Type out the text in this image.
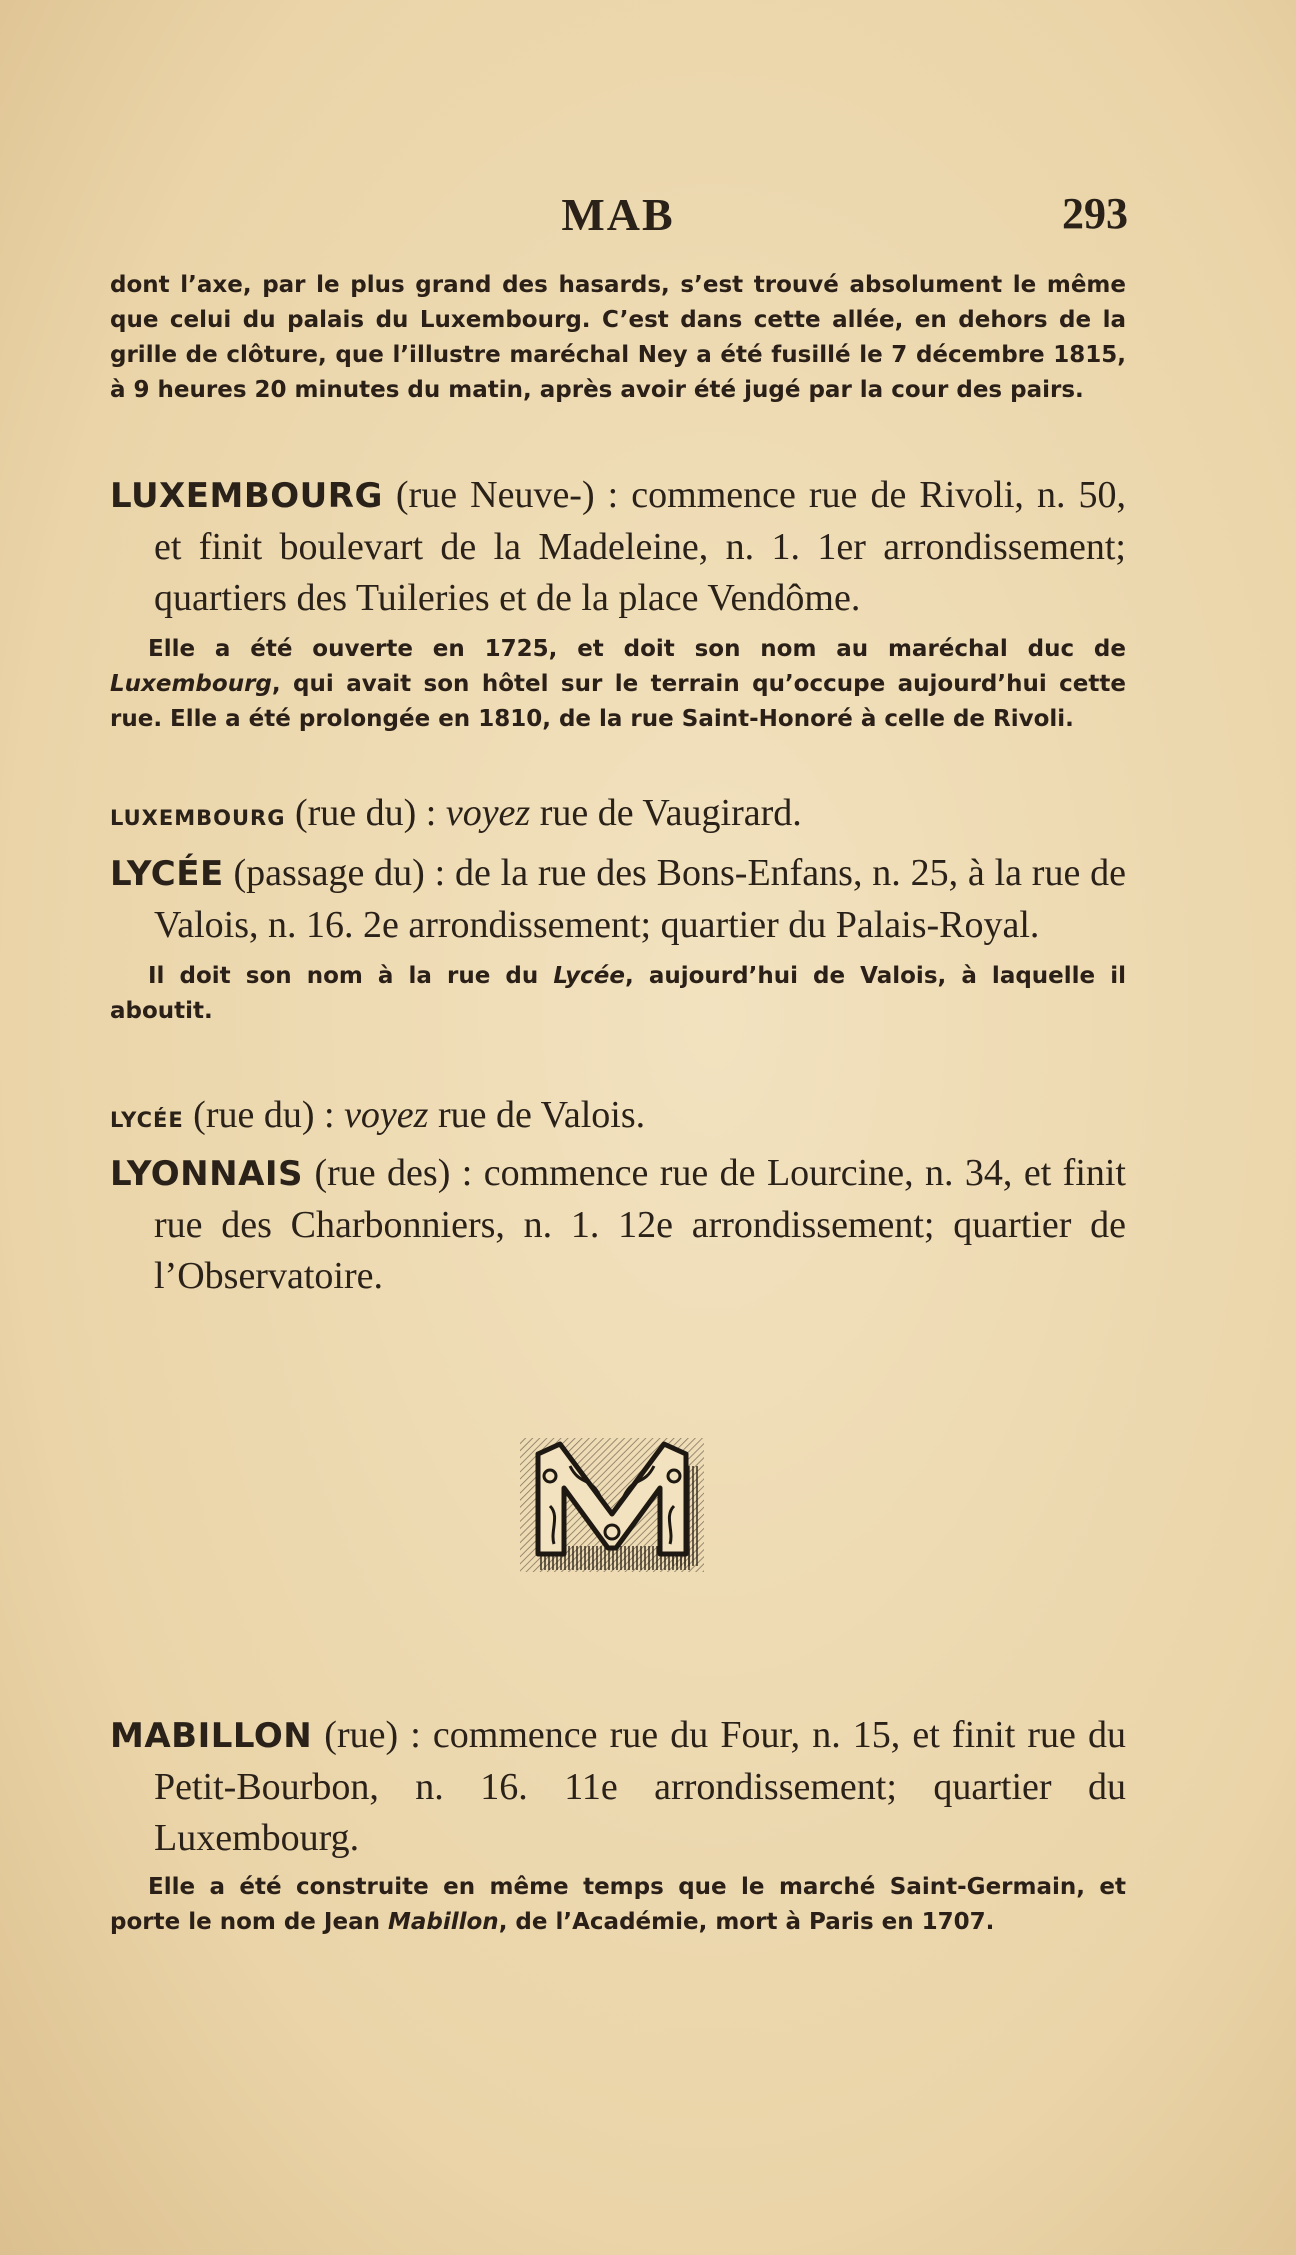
MAB	293
dont l’axe, par le plus grand des hasards, s’est trouvé absolument le même que celui du palais du Luxembourg. C’est dans cette allée, en dehors de la grille de clôture, que l’illustre maréchal Ney a été fusillé le 7 décembre 1815, à 9 heures 20 minutes du matin, après avoir été jugé par la cour des pairs.
LUXEMBOURG (rue Neuve-) : commence rue de Rivoli, n. 50, et finit boulevart de la Madeleine, n. 1. 1er arrondissement; quartiers des Tuileries et de la place Vendôme.
Elle a été ouverte en 1725, et doit son nom au maréchal duc de Luxembourg, qui avait son hôtel sur le terrain qu’occupe aujourd’hui cette rue. Elle a été prolongée en 1810, de la rue Saint-Honoré à celle de Rivoli.
LUXEMBOURG (rue du) : voyez rue de Vaugirard.
LYCÉE (passage du) : de la rue des Bons-Enfans, n. 25, à la rue de Valois, n. 16. 2e arrondissement; quartier du Palais-Royal.
Il doit son nom à la rue du Lycée, aujourd’hui de Valois, à laquelle il aboutit.
LYCÉE (rue du) : voyez rue de Valois.
LYONNAIS (rue des) : commence rue de Lourcine, n. 34, et finit rue des Charbonniers, n. 1. 12e arrondissement; quartier de l’Observatoire.
MABILLON (rue) : commence rue du Four, n. 15, et finit rue du Petit-Bourbon, n. 16. 11e arrondissement; quartier du Luxembourg.
Elle a été construite en même temps que le marché Saint-Germain, et porte le nom de Jean Mabillon, de l’Académie, mort à Paris en 1707.
